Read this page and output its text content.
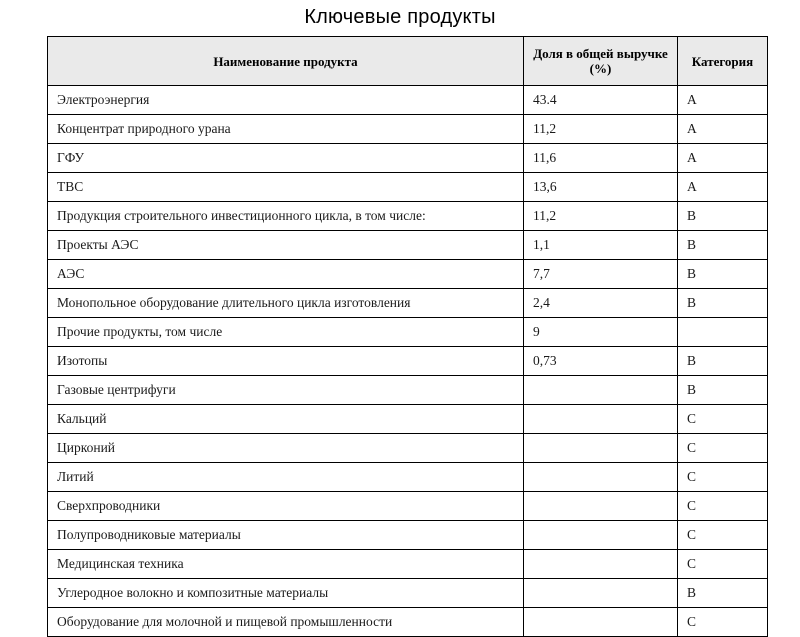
Ключевые продукты
Наименование продукта	Доля в общей выручке (%)	Категория
Электроэнергия	43.4	A
Концентрат природного урана	11,2	A
ГФУ	11,6	A
ТВС	13,6	A
Продукция строительного инвестиционного цикла, в том числе:	11,2	B
Проекты АЭС	1,1	B
АЭС	7,7	B
Монопольное оборудование длительного цикла изготовления	2,4	B
Прочие продукты, том числе	9	
Изотопы	0,73	B
Газовые центрифуги		B
Кальций		C
Цирконий		C
Литий		C
Сверхпроводники		C
Полупроводниковые материалы		C
Медицинская техника		C
Углеродное волокно и композитные материалы		B
Оборудование для молочной и пищевой промышленности		C
